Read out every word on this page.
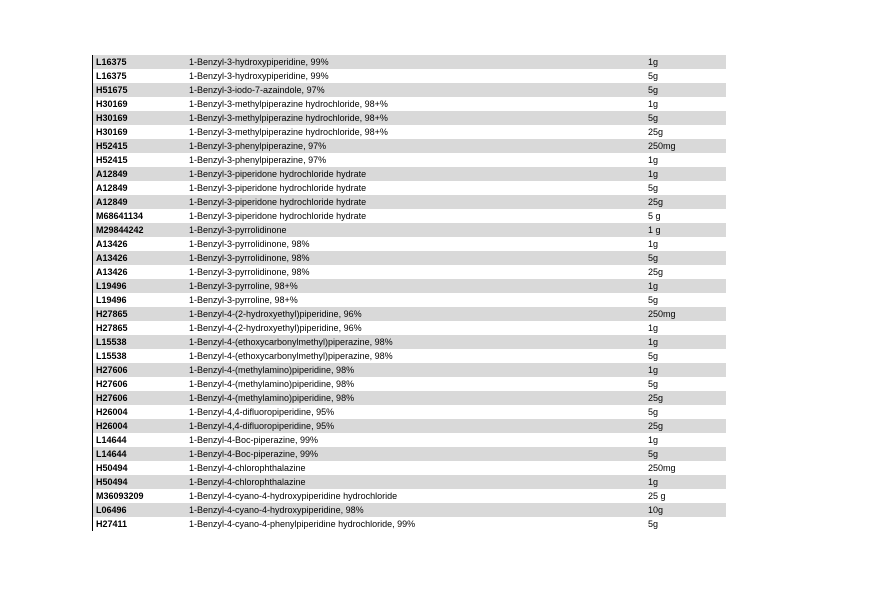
L16375	1-Benzyl-3-hydroxypiperidine, 99%	1g
L16375	1-Benzyl-3-hydroxypiperidine, 99%	5g
H51675	1-Benzyl-3-iodo-7-azaindole, 97%	5g
H30169	1-Benzyl-3-methylpiperazine hydrochloride, 98+%	1g
H30169	1-Benzyl-3-methylpiperazine hydrochloride, 98+%	5g
H30169	1-Benzyl-3-methylpiperazine hydrochloride, 98+%	25g
H52415	1-Benzyl-3-phenylpiperazine, 97%	250mg
H52415	1-Benzyl-3-phenylpiperazine, 97%	1g
A12849	1-Benzyl-3-piperidone hydrochloride hydrate	1g
A12849	1-Benzyl-3-piperidone hydrochloride hydrate	5g
A12849	1-Benzyl-3-piperidone hydrochloride hydrate	25g
M68641134	1-Benzyl-3-piperidone hydrochloride hydrate	5 g
M29844242	1-Benzyl-3-pyrrolidinone	1 g
A13426	1-Benzyl-3-pyrrolidinone, 98%	1g
A13426	1-Benzyl-3-pyrrolidinone, 98%	5g
A13426	1-Benzyl-3-pyrrolidinone, 98%	25g
L19496	1-Benzyl-3-pyrroline, 98+%	1g
L19496	1-Benzyl-3-pyrroline, 98+%	5g
H27865	1-Benzyl-4-(2-hydroxyethyl)piperidine, 96%	250mg
H27865	1-Benzyl-4-(2-hydroxyethyl)piperidine, 96%	1g
L15538	1-Benzyl-4-(ethoxycarbonylmethyl)piperazine, 98%	1g
L15538	1-Benzyl-4-(ethoxycarbonylmethyl)piperazine, 98%	5g
H27606	1-Benzyl-4-(methylamino)piperidine, 98%	1g
H27606	1-Benzyl-4-(methylamino)piperidine, 98%	5g
H27606	1-Benzyl-4-(methylamino)piperidine, 98%	25g
H26004	1-Benzyl-4,4-difluoropiperidine, 95%	5g
H26004	1-Benzyl-4,4-difluoropiperidine, 95%	25g
L14644	1-Benzyl-4-Boc-piperazine, 99%	1g
L14644	1-Benzyl-4-Boc-piperazine, 99%	5g
H50494	1-Benzyl-4-chlorophthalazine	250mg
H50494	1-Benzyl-4-chlorophthalazine	1g
M36093209	1-Benzyl-4-cyano-4-hydroxypiperidine hydrochloride	25 g
L06496	1-Benzyl-4-cyano-4-hydroxypiperidine, 98%	10g
H27411	1-Benzyl-4-cyano-4-phenylpiperidine hydrochloride, 99%	5g
